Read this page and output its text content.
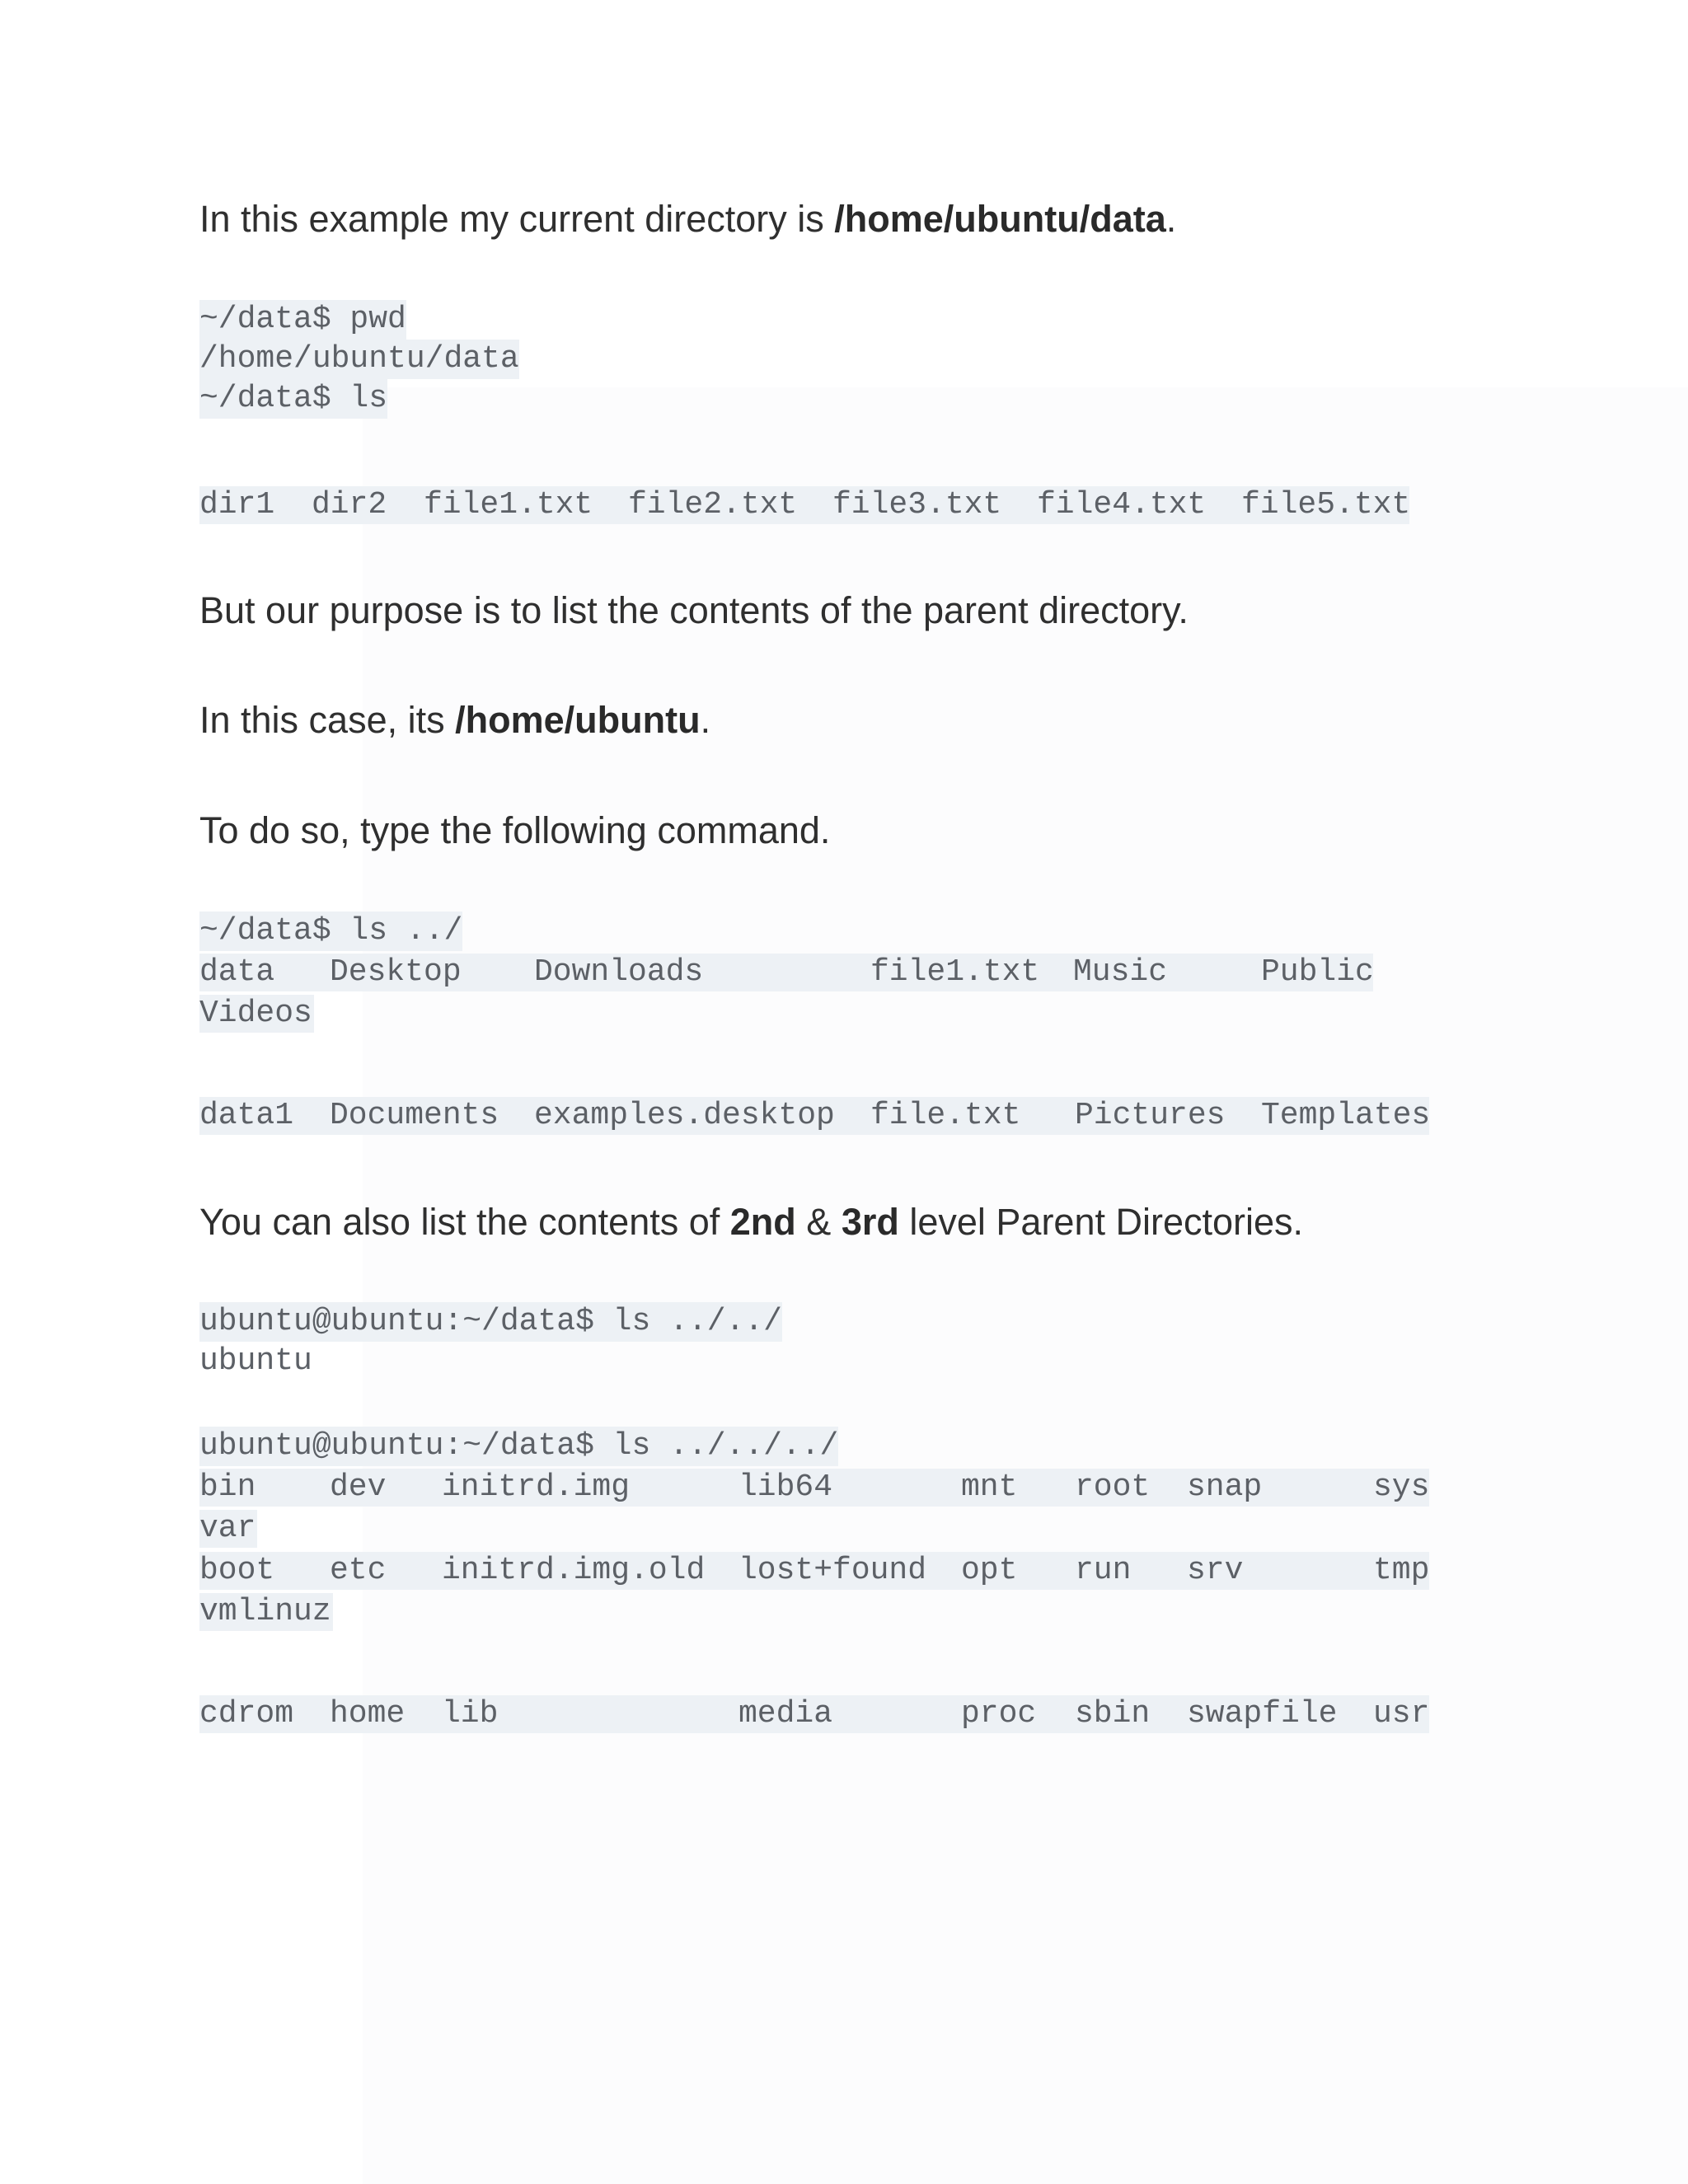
In this example my current directory is /home/ubuntu/data.
~/data$ pwd
/home/ubuntu/data
~/data$ ls
dir1 dir2 file1.txt file2.txt file3.txt file4.txt file5.txt
But our purpose is to list the contents of the parent directory.
In this case, its /home/ubuntu.
To do so, type the following command.
~/data$ ls ../
data Desktop Downloads	file1.txt Music	Public
Videos
data1 Documents examples.desktop file.txt Pictures Templates
You can also list the contents of 2nd & 3rd level Parent Directories.
ubuntu@ubuntu:~/data$ ls ../../
ubuntu
ubuntu@ubuntu:~/data$ ls ../../../
bin dev initrd.img	lib64	mnt root snap	sys
var
boot etc initrd.img.old lost+found opt run srv	tmp
vmlinuz
cdrom home lib	media	proc sbin swapfile usr
